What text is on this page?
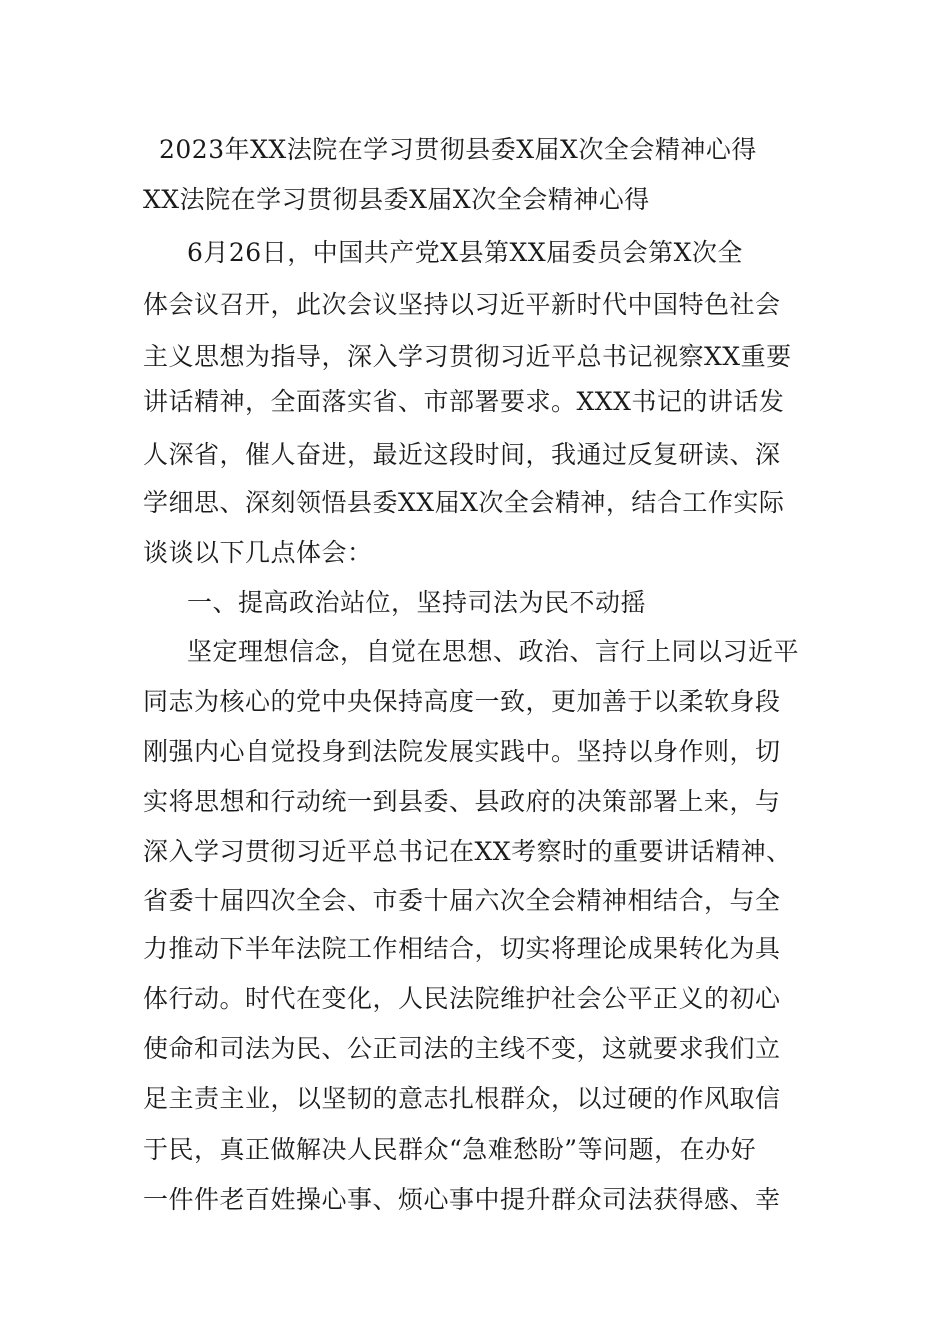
2023年XX法院在学习贯彻县委X届X次全会精神心得
XX法院在学习贯彻县委X届X次全会精神心得
6月26日，中国共产党X县第XX届委员会第X次全
体会议召开，此次会议坚持以习近平新时代中国特色社会
主义思想为指导，深入学习贯彻习近平总书记视察XX重要
讲话精神，全面落实省、市部署要求。XXX书记的讲话发
人深省，催人奋进，最近这段时间，我通过反复研读、深
学细思、深刻领悟县委XX届X次全会精神，结合工作实际
谈谈以下几点体会：
一、提高政治站位，坚持司法为民不动摇
坚定理想信念，自觉在思想、政治、言行上同以习近平
同志为核心的党中央保持高度一致，更加善于以柔软身段
刚强内心自觉投身到法院发展实践中。坚持以身作则，切
实将思想和行动统一到县委、县政府的决策部署上来，与
深入学习贯彻习近平总书记在XX考察时的重要讲话精神、
省委十届四次全会、市委十届六次全会精神相结合，与全
力推动下半年法院工作相结合，切实将理论成果转化为具
体行动。时代在变化，人民法院维护社会公平正义的初心
使命和司法为民、公正司法的主线不变，这就要求我们立
足主责主业，以坚韧的意志扎根群众，以过硬的作风取信
于民，真正做解决人民群众“急难愁盼”等问题，在办好
一件件老百姓操心事、烦心事中提升群众司法获得感、幸
